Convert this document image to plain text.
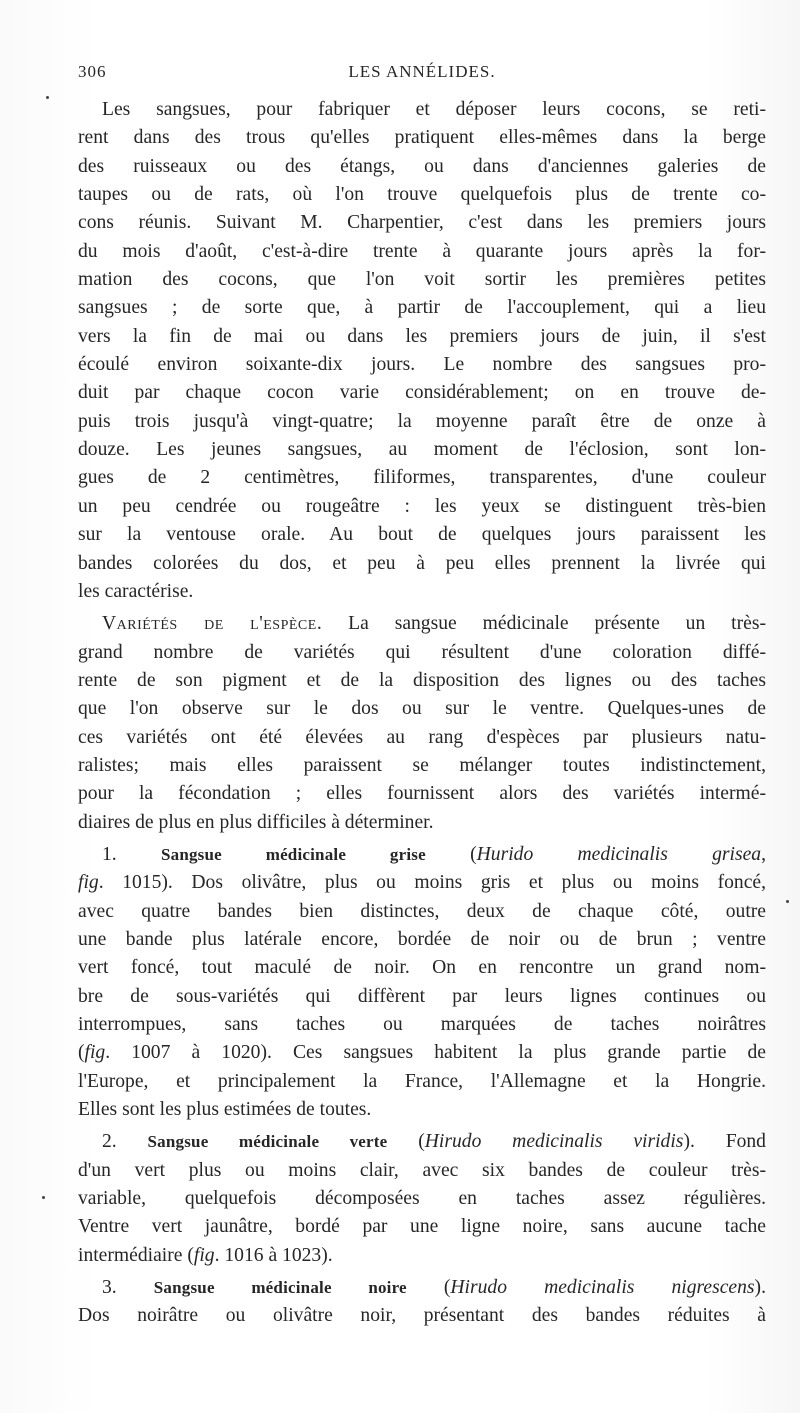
306	LES ANNÉLIDES.
Les sangsues, pour fabriquer et déposer leurs cocons, se reti-
rent dans des trous qu'elles pratiquent elles-mêmes dans la berge
des ruisseaux ou des étangs, ou dans d'anciennes galeries de
taupes ou de rats, où l'on trouve quelquefois plus de trente co-
cons réunis. Suivant M. Charpentier, c'est dans les premiers jours
du mois d'août, c'est-à-dire trente à quarante jours après la for-
mation des cocons, que l'on voit sortir les premières petites
sangsues ; de sorte que, à partir de l'accouplement, qui a lieu
vers la fin de mai ou dans les premiers jours de juin, il s'est
écoulé environ soixante-dix jours. Le nombre des sangsues pro-
duit par chaque cocon varie considérablement; on en trouve de-
puis trois jusqu'à vingt-quatre; la moyenne paraît être de onze à
douze. Les jeunes sangsues, au moment de l'éclosion, sont lon-
gues de 2 centimètres, filiformes, transparentes, d'une couleur
un peu cendrée ou rougeâtre : les yeux se distinguent très-bien
sur la ventouse orale. Au bout de quelques jours paraissent les
bandes colorées du dos, et peu à peu elles prennent la livrée qui
les caractérise.
Variétés de l'espèce. La sangsue médicinale présente un très-
grand nombre de variétés qui résultent d'une coloration diffé-
rente de son pigment et de la disposition des lignes ou des taches
que l'on observe sur le dos ou sur le ventre. Quelques-unes de
ces variétés ont été élevées au rang d'espèces par plusieurs natu-
ralistes; mais elles paraissent se mélanger toutes indistinctement,
pour la fécondation ; elles fournissent alors des variétés intermé-
diaires de plus en plus difficiles à déterminer.
1.	Sangsue médicinale grise (Hurido medicinalis grisea,
fig. 1015). Dos olivâtre, plus ou moins gris et plus ou moins foncé,
avec quatre bandes bien distinctes, deux de chaque côté, outre
une bande plus latérale encore, bordée de noir ou de brun ; ventre
vert foncé, tout maculé de noir. On en rencontre un grand nom-
bre de sous-variétés qui diffèrent par leurs lignes continues ou
interrompues, sans taches ou marquées de taches noirâtres
(fig. 1007 à 1020). Ces sangsues habitent la plus grande partie de
l'Europe, et principalement la France, l'Allemagne et la Hongrie.
Elles sont les plus estimées de toutes.
2. Sangsue médicinale verte (Hirudo medicinalis viridis). Fond
d'un vert plus ou moins clair, avec six bandes de couleur très-
variable, quelquefois décomposées en taches assez régulières.
Ventre vert jaunâtre, bordé par une ligne noire, sans aucune tache
intermédiaire (fig. 1016 à 1023).
3. Sangsue médicinale noire (Hirudo medicinalis nigrescens).
Dos noirâtre ou olivâtre noir, présentant des bandes réduites à
